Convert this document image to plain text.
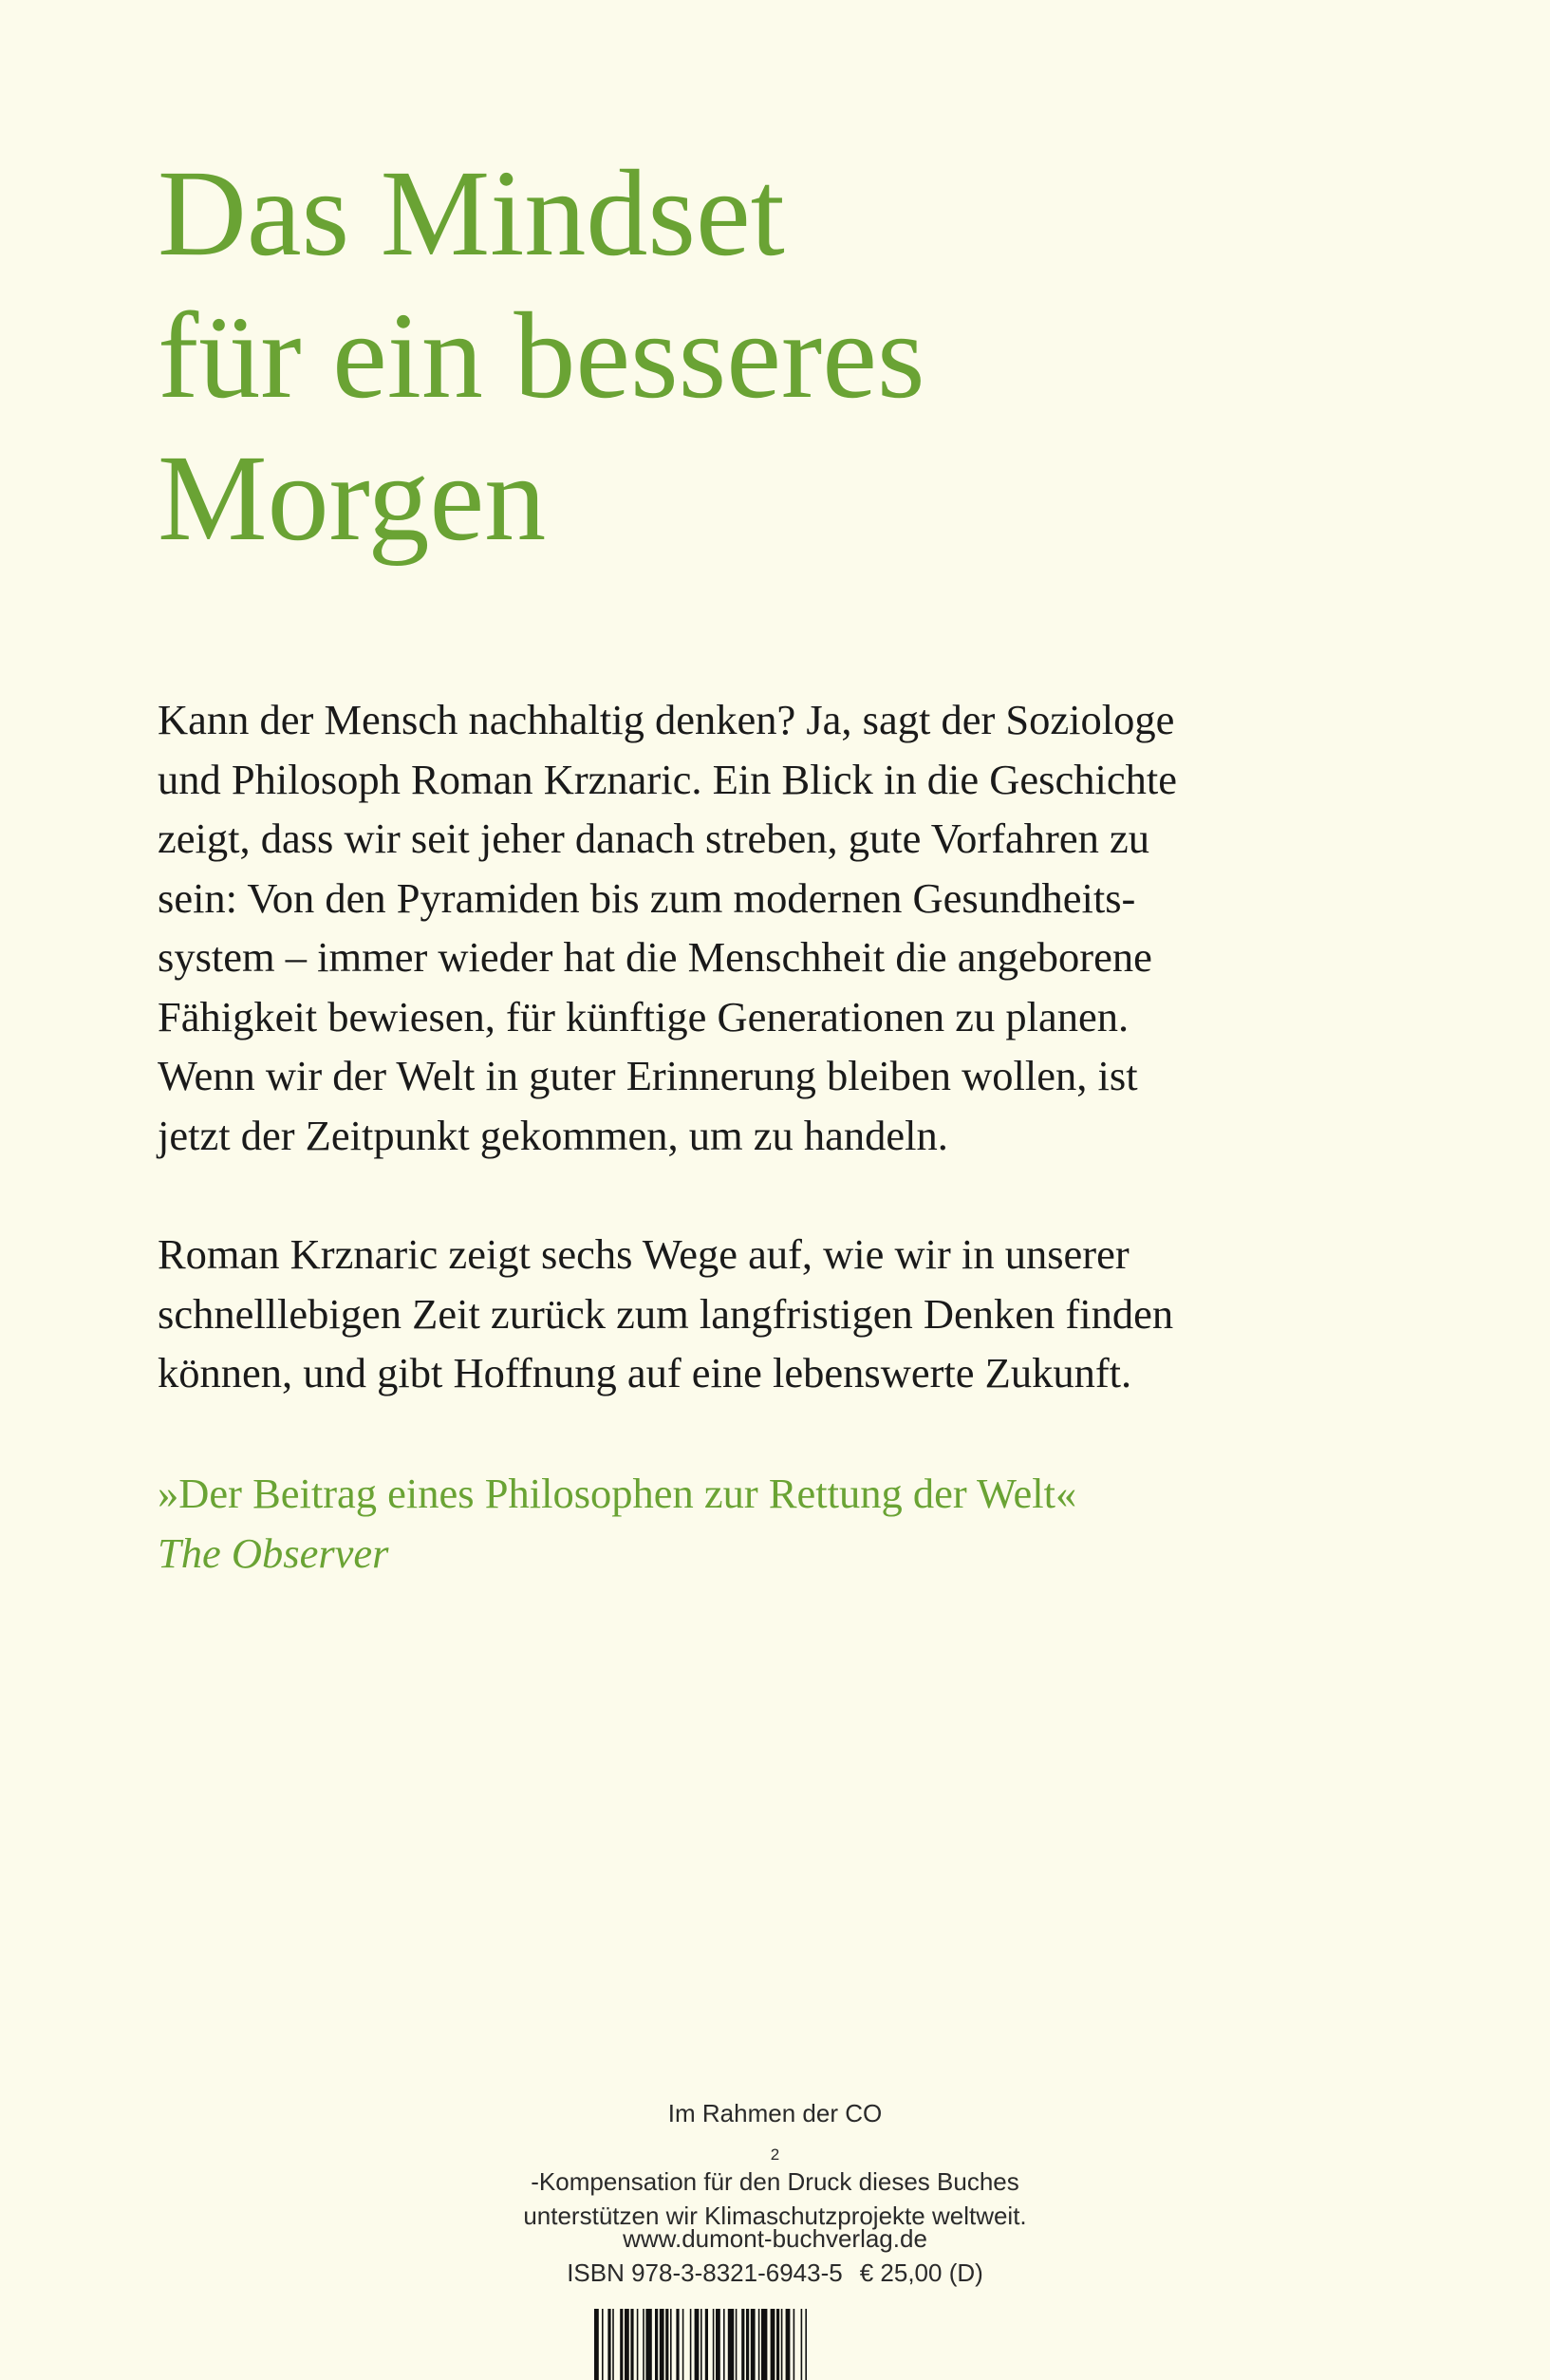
Das Mindset
für ein besseres
Morgen

Kann der Mensch nachhaltig denken? Ja, sagt der Soziologe
und Philosoph Roman Krznaric. Ein Blick in die Geschichte
zeigt, dass wir seit jeher danach streben, gute Vorfahren zu
sein: Von den Pyramiden bis zum modernen Gesundheits-
system – immer wieder hat die Menschheit die angeborene
Fähigkeit bewiesen, für künftige Generationen zu planen.
Wenn wir der Welt in guter Erinnerung bleiben wollen, ist
jetzt der Zeitpunkt gekommen, um zu handeln.

Roman Krznaric zeigt sechs Wege auf, wie wir in unserer
schnelllebigen Zeit zurück zum langfristigen Denken finden
können, und gibt Hoffnung auf eine lebenswerte Zukunft.

»Der Beitrag eines Philosophen zur Rettung der Welt«
The Observer

Im Rahmen der CO
$_2$
-Kompensation für den Druck dieses Buches
unterstützen wir Klimaschutzprojekte weltweit.
www.dumont-buchverlag.de
ISBN 978-3-8321-6943-5 € 25,00 (D)
